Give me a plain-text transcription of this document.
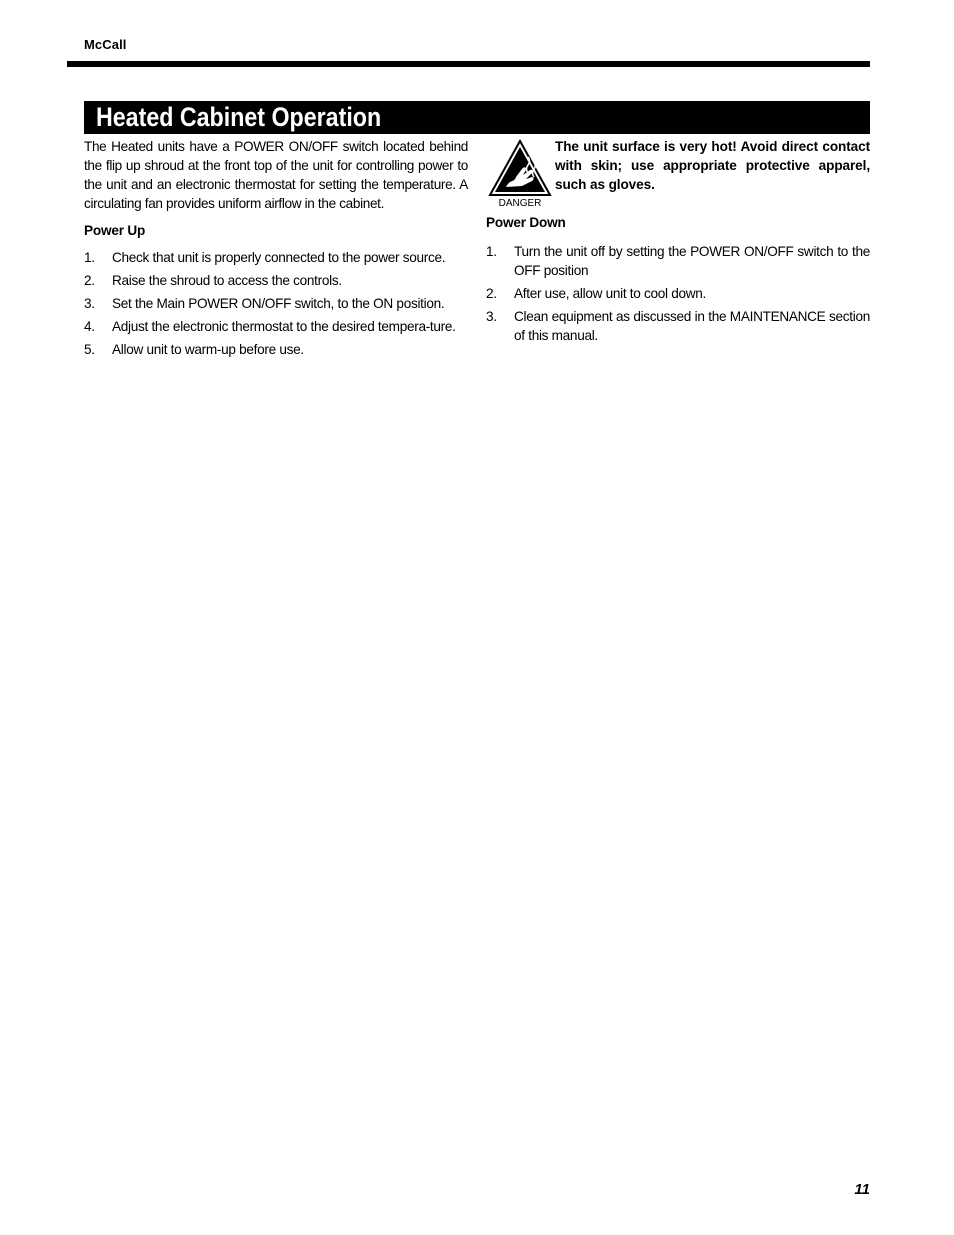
McCall
Heated Cabinet Operation

The Heated units have a POWER ON/OFF switch located behind the flip up shroud at the front top of the unit for controlling power to the unit and an electronic thermostat for setting the temperature. A circulating fan provides uniform airflow in the cabinet.

Power Up
1. Check that unit is properly connected to the power source.
2. Raise the shroud to access the controls.
3. Set the Main POWER ON/OFF switch, to the ON position.
4. Adjust the electronic thermostat to the desired tempera-ture.
5. Allow unit to warm-up before use.
DANGER
The unit surface is very hot! Avoid direct contact with skin; use appropriate protective apparel, such as gloves.
Power Down
1. Turn the unit off by setting the POWER ON/OFF switch to the OFF position
2. After use, allow unit to cool down.
3. Clean equipment as discussed in the MAINTENANCE section of this manual.
11
